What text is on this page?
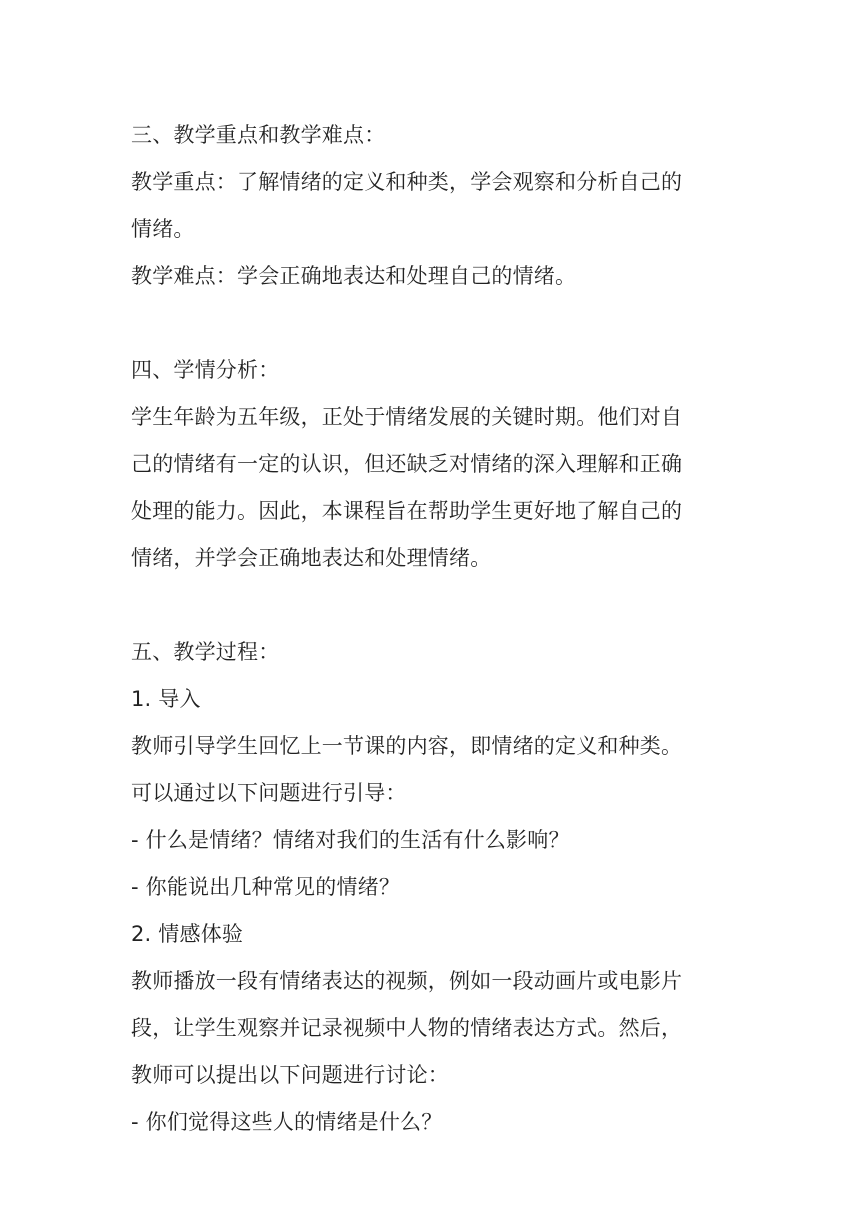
三、教学重点和教学难点：
教学重点：了解情绪的定义和种类，学会观察和分析自己的
情绪。
教学难点：学会正确地表达和处理自己的情绪。
四、学情分析：
学生年龄为五年级，正处于情绪发展的关键时期。他们对自
己的情绪有一定的认识，但还缺乏对情绪的深入理解和正确
处理的能力。因此，本课程旨在帮助学生更好地了解自己的
情绪，并学会正确地表达和处理情绪。
五、教学过程：
1. 导入
教师引导学生回忆上一节课的内容，即情绪的定义和种类。
可以通过以下问题进行引导：
- 什么是情绪？情绪对我们的生活有什么影响？
- 你能说出几种常见的情绪？
2. 情感体验
教师播放一段有情绪表达的视频，例如一段动画片或电影片
段，让学生观察并记录视频中人物的情绪表达方式。然后，
教师可以提出以下问题进行讨论：
- 你们觉得这些人的情绪是什么？
